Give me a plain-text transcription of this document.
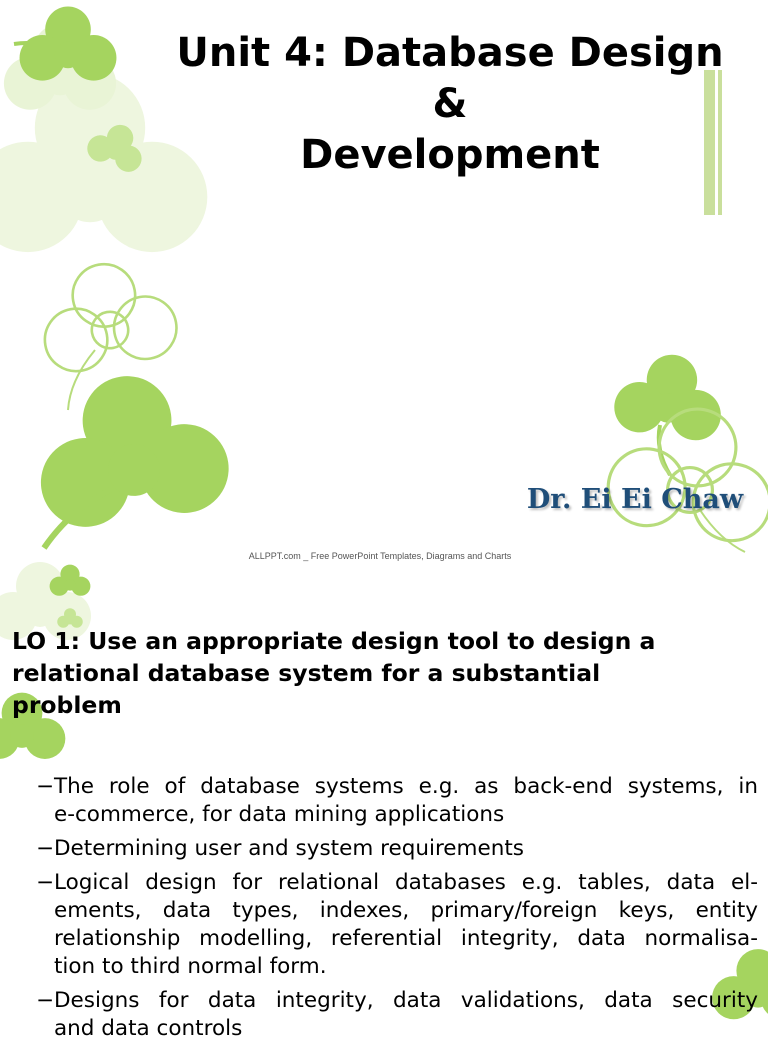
Unit 4: Database Design
&
Development
Dr. Ei Ei Chaw
ALLPPT.com _ Free PowerPoint Templates, Diagrams and Charts
LO 1: Use an appropriate design tool to design a
relational database system for a substantial
problem
− The role of database systems e.g. as back-end systems, in
e-commerce, for data mining applications
− Determining user and system requirements
− Logical design for relational databases e.g. tables, data el-
ements, data types, indexes, primary/foreign keys, entity
relationship modelling, referential integrity, data normalisa-
tion to third normal form.
− Designs for data integrity, data validations, data security
and data controls
